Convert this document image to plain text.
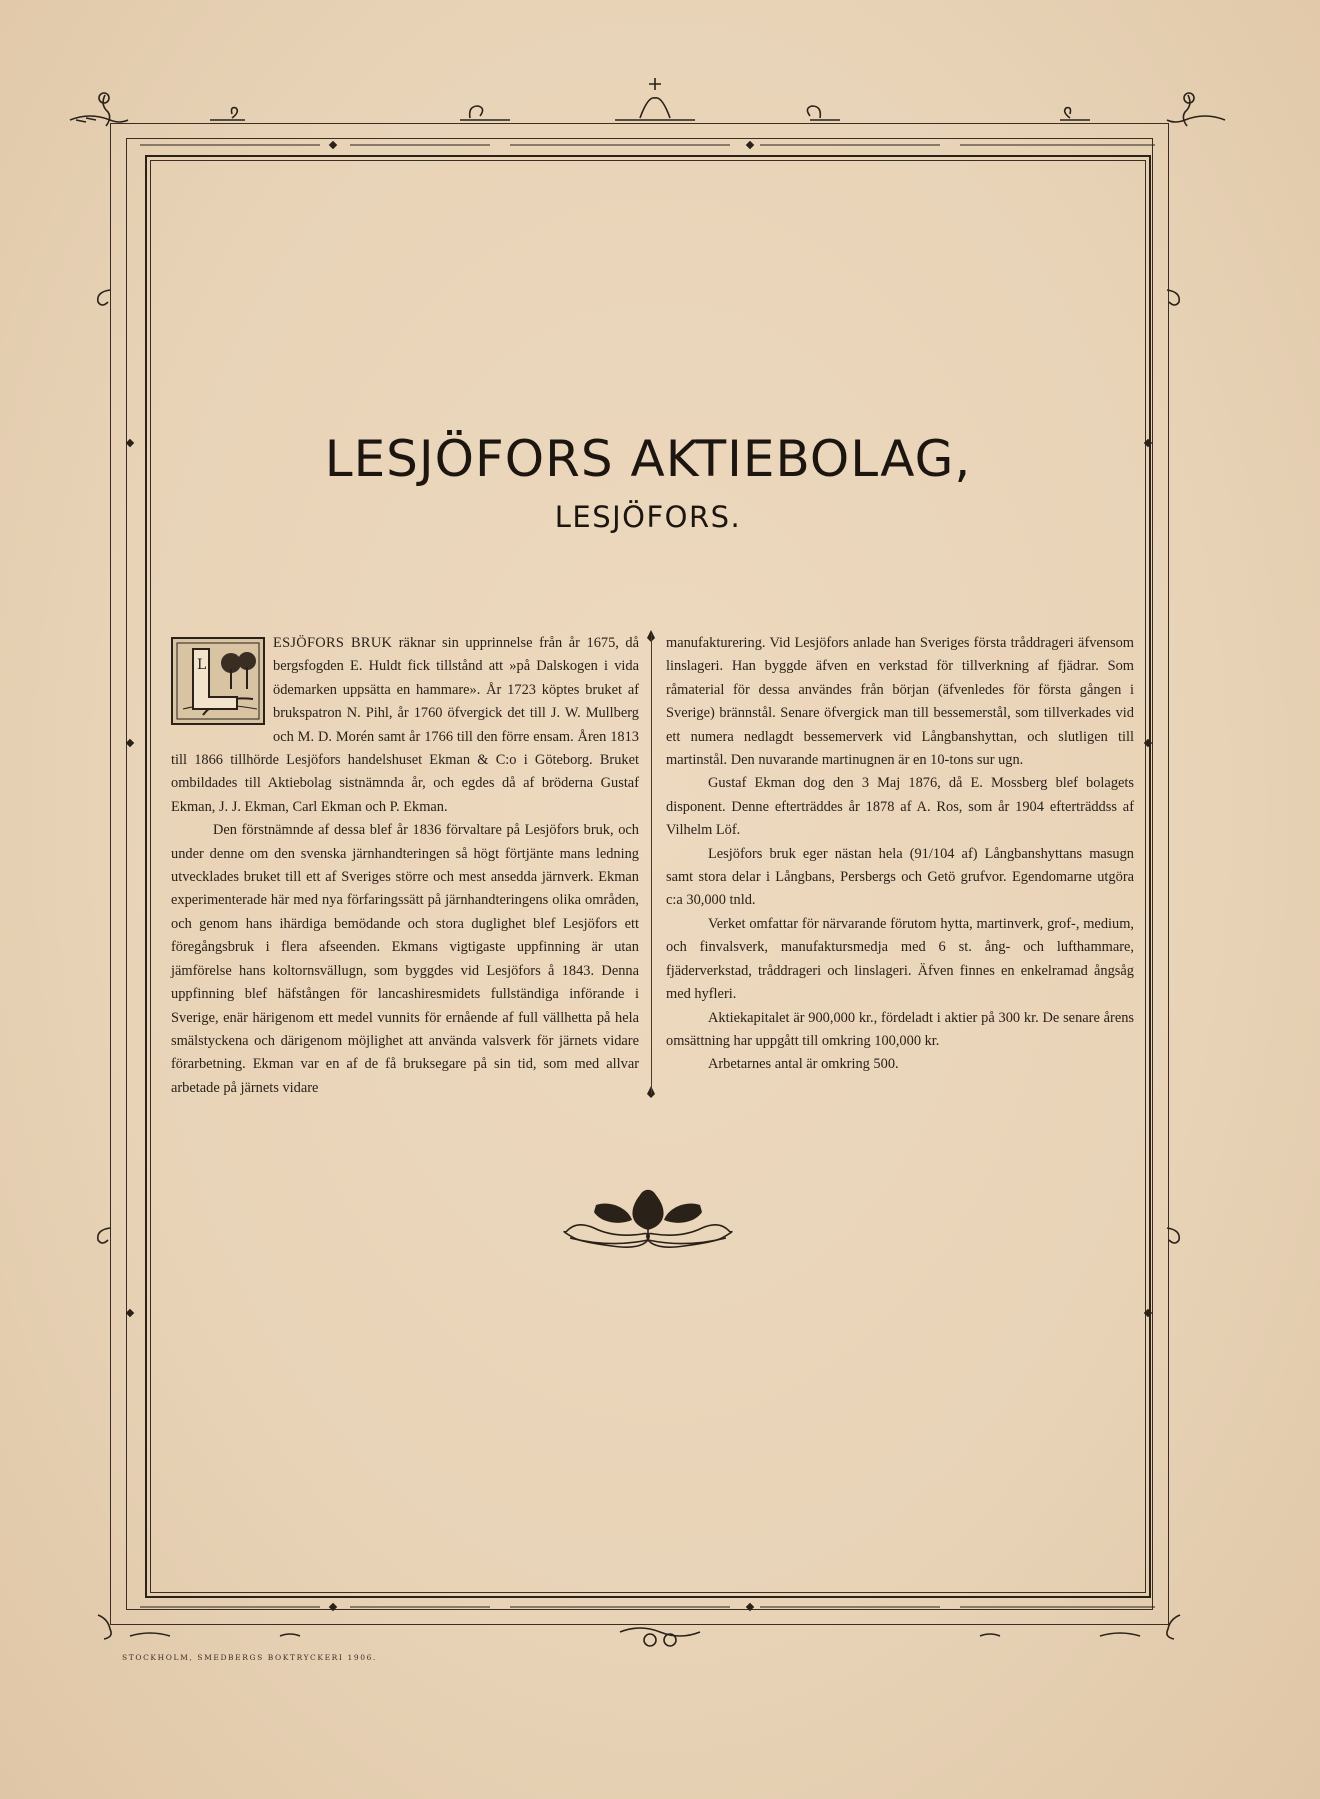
LESJÖFORS AKTIEBOLAG,
LESJÖFORS.
L

ESJÖFORS BRUK räknar sin upprinnelse från år 1675, då bergsfogden E. Huldt fick tillstånd att »på Dalskogen i vida ödemarken uppsätta en hammare». År 1723 köptes bruket af brukspatron N. Pihl, år 1760 öfvergick det till J. W. Mullberg och M. D. Morén samt år 1766 till den förre ensam. Åren 1813 till 1866 tillhörde Lesjöfors handelshuset Ekman & C:o i Göteborg. Bruket ombildades till Aktiebolag sistnämnda år, och egdes då af bröderna Gustaf Ekman, J. J. Ekman, Carl Ekman och P. Ekman.

Den förstnämnde af dessa blef år 1836 förvaltare på Lesjöfors bruk, och under denne om den svenska järnhandteringen så högt förtjänte mans ledning utvecklades bruket till ett af Sveriges större och mest ansedda järnverk. Ekman experimenterade här med nya förfaringssätt på järnhandteringens olika områden, och genom hans ihärdiga bemödande och stora duglighet blef Lesjöfors ett föregångsbruk i flera afseenden. Ekmans vigtigaste uppfinning är utan jämförelse hans koltornsvällugn, som byggdes vid Lesjöfors å 1843. Denna uppfinning blef häfstången för lancashiresmidets fullständiga införande i Sverige, enär härigenom ett medel vunnits för ernående af full vällhetta på hela smälstyckena och därigenom möjlighet att använda valsverk för järnets vidare förarbetning. Ekman var en af de få bruksegare på sin tid, som med allvar arbetade på järnets vidare

manufakturering. Vid Lesjöfors anlade han Sveriges första tråddrageri äfvensom linslageri. Han byggde äfven en verkstad för tillverkning af fjädrar. Som råmaterial för dessa användes från början (äfvenledes för första gången i Sverige) brännstål. Senare öfvergick man till bessemerstål, som tillverkades vid ett numera nedlagdt bessemerverk vid Långbanshyttan, och slutligen till martinstål. Den nuvarande martinugnen är en 10-tons sur ugn.

Gustaf Ekman dog den 3 Maj 1876, då E. Mossberg blef bolagets disponent. Denne efterträddes år 1878 af A. Ros, som år 1904 efterträddss af Vilhelm Löf.

Lesjöfors bruk eger nästan hela (91/104 af) Långbanshyttans masugn samt stora delar i Långbans, Persbergs och Getö grufvor. Egendomarne utgöra c:a 30,000 tnld.

Verket omfattar för närvarande förutom hytta, martinverk, grof-, medium, och finvalsverk, manufaktursmedja med 6 st. ång- och lufthammare, fjäderverkstad, tråddrageri och linslageri. Äfven finnes en enkelramad ångsåg med hyfleri.

Aktiekapitalet är 900,000 kr., fördeladt i aktier på 300 kr. De senare årens omsättning har uppgått till omkring 100,000 kr.

Arbetarnes antal är omkring 500.

STOCKHOLM, SMEDBERGS BOKTRYCKERI 1906.
